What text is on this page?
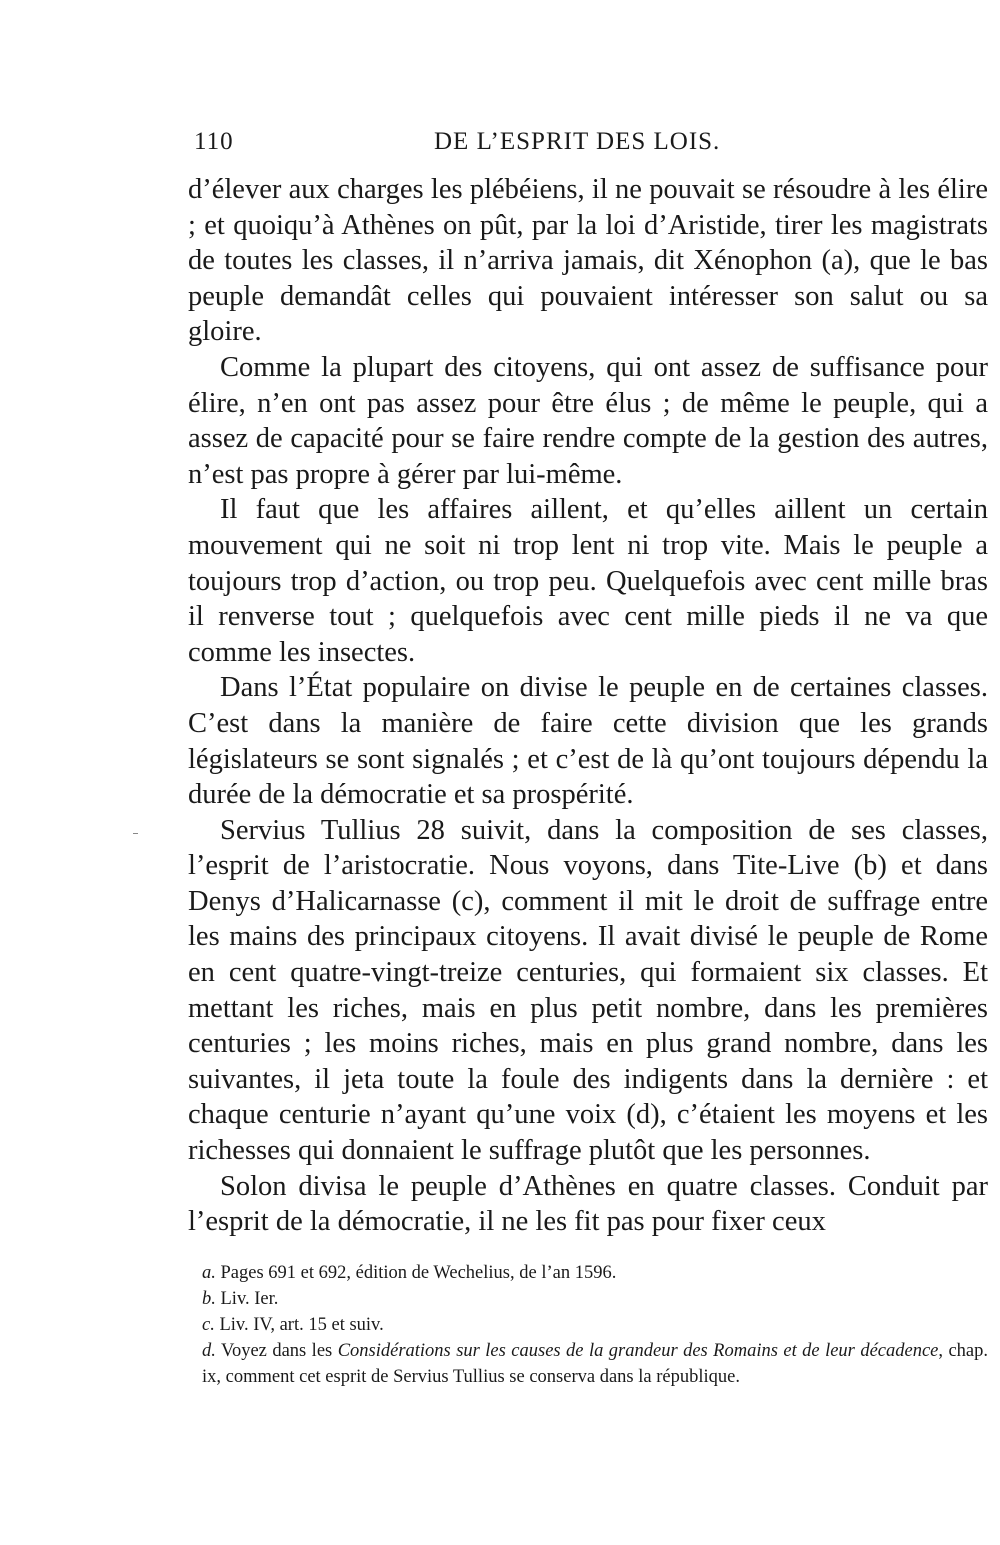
110	DE L’ESPRIT DES LOIS.

d’élever aux charges les plébéiens, il ne pouvait se résoudre à les élire ; et quoiqu’à Athènes on pût, par la loi d’Aristide, tirer les magistrats de toutes les classes, il n’arriva jamais, dit Xénophon (a), que le bas peuple demandât celles qui pouvaient intéresser son salut ou sa gloire.

Comme la plupart des citoyens, qui ont assez de suffisance pour élire, n’en ont pas assez pour être élus ; de même le peuple, qui a assez de capacité pour se faire rendre compte de la gestion des autres, n’est pas propre à gérer par lui-même.

Il faut que les affaires aillent, et qu’elles aillent un certain mouvement qui ne soit ni trop lent ni trop vite. Mais le peuple a toujours trop d’action, ou trop peu. Quelquefois avec cent mille bras il renverse tout ; quelquefois avec cent mille pieds il ne va que comme les insectes.

Dans l’État populaire on divise le peuple en de certaines classes. C’est dans la manière de faire cette division que les grands législateurs se sont signalés ; et c’est de là qu’ont toujours dépendu la durée de la démocratie et sa prospérité.

Servius Tullius 28 suivit, dans la composition de ses classes, l’esprit de l’aristocratie. Nous voyons, dans Tite-Live (b) et dans Denys d’Halicarnasse (c), comment il mit le droit de suffrage entre les mains des principaux citoyens. Il avait divisé le peuple de Rome en cent quatre-vingt-treize centuries, qui formaient six classes. Et mettant les riches, mais en plus petit nombre, dans les premières centuries ; les moins riches, mais en plus grand nombre, dans les suivantes, il jeta toute la foule des indigents dans la dernière : et chaque centurie n’ayant qu’une voix (d), c’étaient les moyens et les richesses qui donnaient le suffrage plutôt que les personnes.

Solon divisa le peuple d’Athènes en quatre classes. Conduit par l’esprit de la démocratie, il ne les fit pas pour fixer ceux

a. Pages 691 et 692, édition de Wechelius, de l’an 1596.

b. Liv. Ier.

c. Liv. IV, art. 15 et suiv.

d. Voyez dans les Considérations sur les causes de la grandeur des Romains et de leur décadence, chap. ix, comment cet esprit de Servius Tullius se conserva dans la république.
